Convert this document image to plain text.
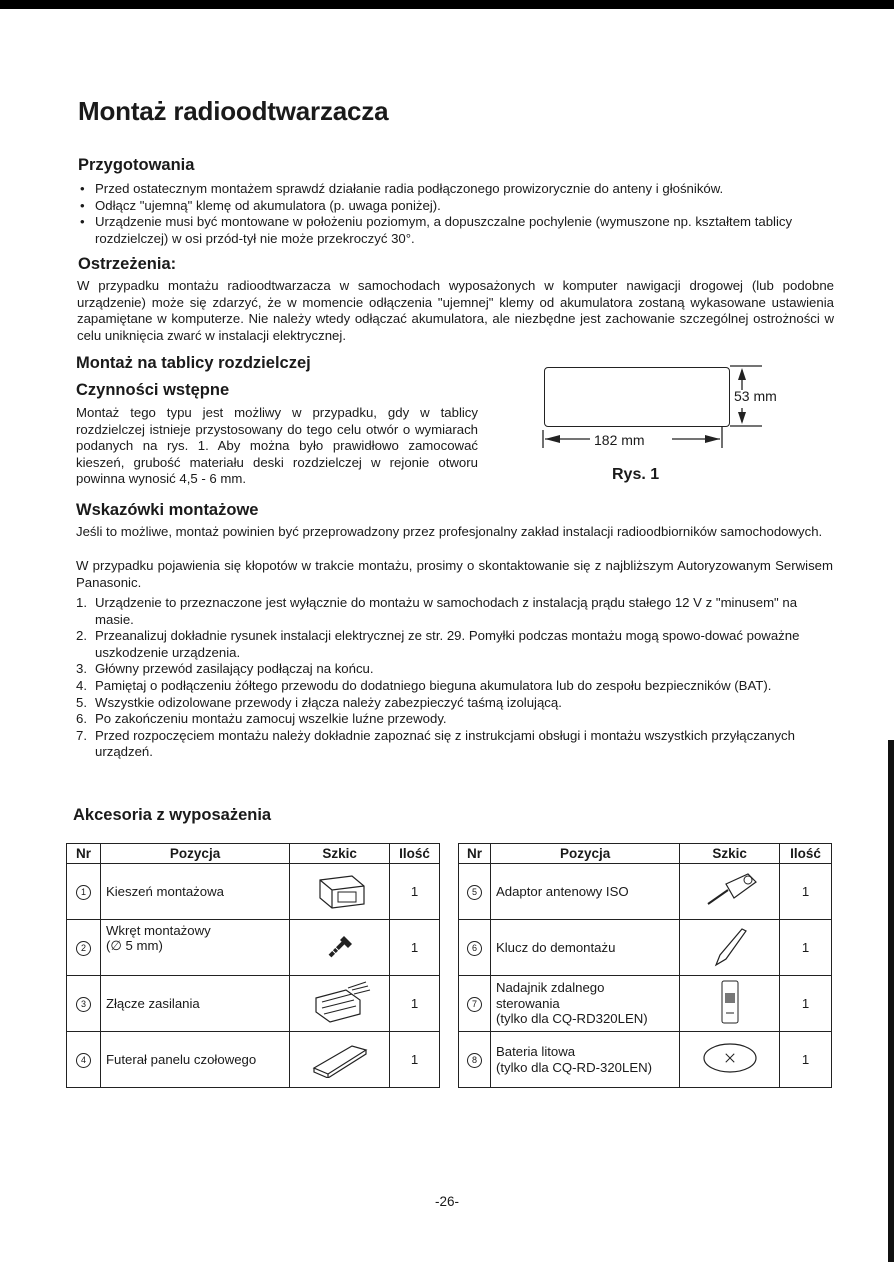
Montaż radioodtwarzacza
Przygotowania
• Przed ostatecznym montażem sprawdź działanie radia podłączonego prowizorycznie do anteny i głośników.
• Odłącz "ujemną" klemę od akumulatora (p. uwaga poniżej).
• Urządzenie musi być montowane w położeniu poziomym, a dopuszczalne pochylenie (wymuszone np. kształtem tablicy rozdzielczej) w osi przód-tył nie może przekroczyć 30°.
Ostrzeżenia:

W przypadku montażu radioodtwarzacza w samochodach wyposażonych w komputer nawigacji drogowej (lub podobne urządzenie) może się zdarzyć, że w momencie odłączenia "ujemnej" klemy od akumulatora zostaną wykasowane ustawienia zapamiętane w komputerze. Nie należy wtedy odłączać akumulatora, ale niezbędne jest zachowanie szczególnej ostrożności w celu uniknięcia zwarć w instalacji elektrycznej.

Montaż na tablicy rozdzielczej
Czynności wstępne

Montaż tego typu jest możliwy w przypadku, gdy w tablicy rozdzielczej istnieje przystosowany do tego celu otwór o wymiarach podanych na rys. 1. Aby można było prawidłowo zamocować kieszeń, grubość materiału deski rozdzielczej w rejonie otworu powinna wynosić 4,5 - 6 mm.

53 mm
182 mm
Rys. 1
Wskazówki montażowe

Jeśli to możliwe, montaż powinien być przeprowadzony przez profesjonalny zakład instalacji radioodbiorników samochodowych.

W przypadku pojawienia się kłopotów w trakcie montażu, prosimy o skontaktowanie się z najbliższym Autoryzowanym Serwisem Panasonic.

1. Urządzenie to przeznaczone jest wyłącznie do montażu w samochodach z instalacją prądu stałego 12 V z "minusem" na masie.
2. Przeanalizuj dokładnie rysunek instalacji elektrycznej ze str. 29. Pomyłki podczas montażu mogą spowo-dować poważne uszkodzenie urządzenia.
3. Główny przewód zasilający podłączaj na końcu.
4. Pamiętaj o podłączeniu żółtego przewodu do dodatniego bieguna akumulatora lub do zespołu bezpieczników (BAT).
5. Wszystkie odizolowane przewody i złącza należy zabezpieczyć taśmą izolującą.
6. Po zakończeniu montażu zamocuj wszelkie luźne przewody.
7. Przed rozpoczęciem montażu należy dokładnie zapoznać się z instrukcjami obsługi i montażu wszystkich przyłączanych urządzeń.
Akcesoria z wyposażenia
Nr	Pozycja	Szkic	Ilość
1	Kieszeń montażowa		1
2	Wkręt montażowy
(∅ 5 mm)		1
3	Złącze zasilania		1
4	Futerał panelu czołowego		1
Nr	Pozycja	Szkic	Ilość
5	Adaptor antenowy ISO		1
6	Klucz do demontażu		1
7	Nadajnik zdalnego
sterowania
(tylko dla CQ-RD320LEN)		1
8	Bateria litowa
(tylko dla CQ-RD-320LEN)		1
-26-
